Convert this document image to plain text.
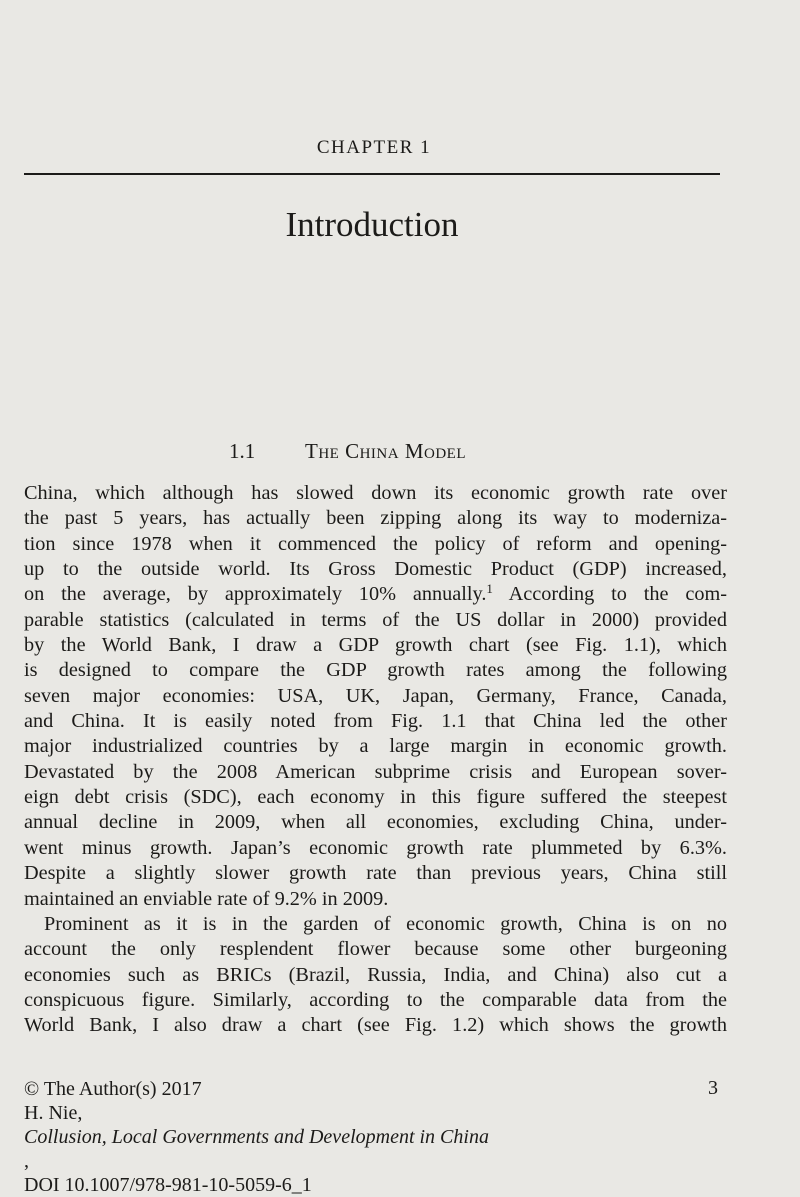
CHAPTER 1
Introduction
1.1 The China Model
China, which although has slowed down its economic growth rate over
the past 5 years, has actually been zipping along its way to moderniza-
tion since 1978 when it commenced the policy of reform and opening-
up to the outside world. Its Gross Domestic Product (GDP) increased,
on the average, by approximately 10% annually.$^1$ According to the com-
parable statistics (calculated in terms of the US dollar in 2000) provided
by the World Bank, I draw a GDP growth chart (see Fig. 1.1), which
is designed to compare the GDP growth rates among the following
seven major economies: USA, UK, Japan, Germany, France, Canada,
and China. It is easily noted from Fig. 1.1 that China led the other
major industrialized countries by a large margin in economic growth.
Devastated by the 2008 American subprime crisis and European sover-
eign debt crisis (SDC), each economy in this figure suffered the steepest
annual decline in 2009, when all economies, excluding China, under-
went minus growth. Japan’s economic growth rate plummeted by 6.3%.
Despite a slightly slower growth rate than previous years, China still
maintained an enviable rate of 9.2% in 2009.
Prominent as it is in the garden of economic growth, China is on no
account the only resplendent flower because some other burgeoning
economies such as BRICs (Brazil, Russia, India, and China) also cut a
conspicuous figure. Similarly, according to the comparable data from the
World Bank, I also draw a chart (see Fig. 1.2) which shows the growth
3
© The Author(s) 2017
H. Nie,
Collusion, Local Governments and Development in China
,
DOI 10.1007/978-981-10-5059-6_1
